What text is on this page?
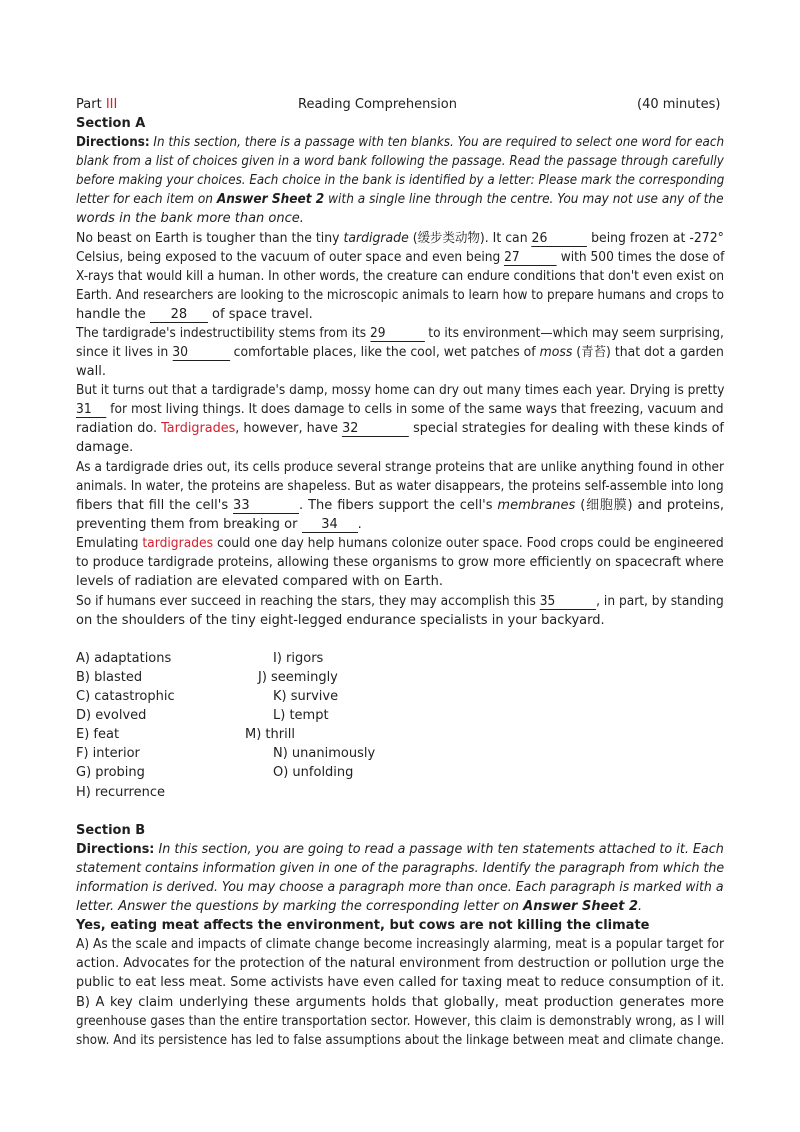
Part III	Reading Comprehension	(40 minutes)
Section A
Directions: In this section, there is a passage with ten blanks. You are required to select one word for each
blank from a list of choices given in a word bank following the passage. Read the passage through carefully
before making your choices. Each choice in the bank is identified by a letter: Please mark the corresponding
letter for each item on Answer Sheet 2 with a single line through the centre. You may not use any of the
words in the bank more than once.
No beast on Earth is tougher than the tiny tardigrade (缓步类动物). It can 26	being frozen at -272°
Celsius, being exposed to the vacuum of outer space and even being 27	with 500 times the dose of
X-rays that would kill a human. In other words, the creature can endure conditions that don't even exist on
Earth. And researchers are looking to the microscopic animals to learn how to prepare humans and crops to
handle the 28 of space travel.
The tardigrade's indestructibility stems from its 29	to its environment—which may seem surprising,
since it lives in 30	comfortable places, like the cool, wet patches of moss (青苔) that dot a garden
wall.
But it turns out that a tardigrade's damp, mossy home can dry out many times each year. Drying is pretty
31 for most living things. It does damage to cells in some of the same ways that freezing, vacuum and
radiation do. Tardigrades, however, have 32	special strategies for dealing with these kinds of
damage.
As a tardigrade dries out, its cells produce several strange proteins that are unlike anything found in other
animals. In water, the proteins are shapeless. But as water disappears, the proteins self-assemble into long
fibers that fill the cell's 33	. The fibers support the cell's membranes (细胞膜) and proteins,
preventing them from breaking or 34 .
Emulating tardigrades could one day help humans colonize outer space. Food crops could be engineered
to produce tardigrade proteins, allowing these organisms to grow more efficiently on spacecraft where
levels of radiation are elevated compared with on Earth.
So if humans ever succeed in reaching the stars, they may accomplish this 35	, in part, by standing
on the shoulders of the tiny eight-legged endurance specialists in your backyard.
A) adaptations
B) blasted
C) catastrophic
D) evolved
E) feat
F) interior
G) probing
H) recurrence
I) rigors
J) seemingly
K) survive
L) tempt
M) thrill
N) unanimously
O) unfolding
Section B
Directions: In this section, you are going to read a passage with ten statements attached to it. Each
statement contains information given in one of the paragraphs. Identify the paragraph from which the
information is derived. You may choose a paragraph more than once. Each paragraph is marked with a
letter. Answer the questions by marking the corresponding letter on Answer Sheet 2.
Yes, eating meat affects the environment, but cows are not killing the climate
A) As the scale and impacts of climate change become increasingly alarming, meat is a popular target for
action. Advocates for the protection of the natural environment from destruction or pollution urge the
public to eat less meat. Some activists have even called for taxing meat to reduce consumption of it.
B) A key claim underlying these arguments holds that globally, meat production generates more
greenhouse gases than the entire transportation sector. However, this claim is demonstrably wrong, as I will
show. And its persistence has led to false assumptions about the linkage between meat and climate change.
